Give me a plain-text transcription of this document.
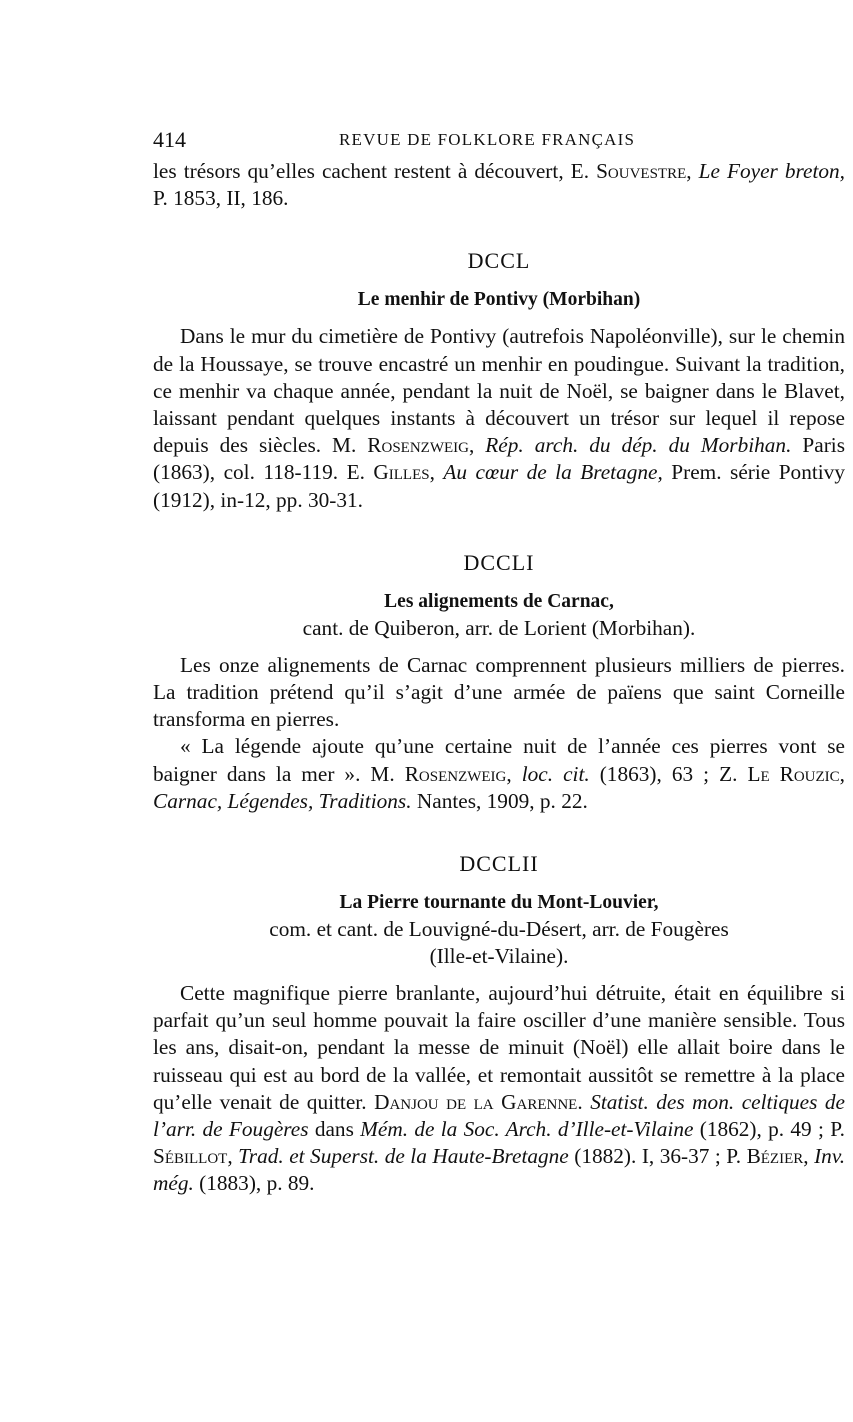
414	REVUE DE FOLKLORE FRANÇAIS

les trésors qu’elles cachent restent à découvert, E. Souvestre, Le Foyer breton, P. 1853, II, 186.

DCCL
Le menhir de Pontivy (Morbihan)

Dans le mur du cimetière de Pontivy (autrefois Napoléonville), sur le chemin de la Houssaye, se trouve encastré un menhir en poudingue. Suivant la tradition, ce menhir va chaque année, pendant la nuit de Noël, se baigner dans le Blavet, laissant pendant quelques instants à découvert un trésor sur lequel il repose depuis des siècles. M. Rosenzweig, Rép. arch. du dép. du Morbihan. Paris (1863), col. 118-119. E. Gilles, Au cœur de la Bretagne, Prem. série Pontivy (1912), in-12, pp. 30-31.

DCCLI
Les alignements de Carnac,
cant. de Quiberon, arr. de Lorient (Morbihan).

Les onze alignements de Carnac comprennent plusieurs milliers de pierres. La tradition prétend qu’il s’agit d’une armée de païens que saint Corneille transforma en pierres.

« La légende ajoute qu’une certaine nuit de l’année ces pierres vont se baigner dans la mer ». M. Rosenzweig, loc. cit. (1863), 63 ; Z. Le Rouzic, Carnac, Légendes, Traditions. Nantes, 1909, p. 22.

DCCLII
La Pierre tournante du Mont-Louvier,
com. et cant. de Louvigné-du-Désert, arr. de Fougères
(Ille-et-Vilaine).

Cette magnifique pierre branlante, aujourd’hui détruite, était en équilibre si parfait qu’un seul homme pouvait la faire osciller d’une manière sensible. Tous les ans, disait-on, pendant la messe de minuit (Noël) elle allait boire dans le ruisseau qui est au bord de la vallée, et remontait aussitôt se remettre à la place qu’elle venait de quitter. Danjou de la Garenne. Statist. des mon. celtiques de l’arr. de Fougères dans Mém. de la Soc. Arch. d’Ille-et-Vilaine (1862), p. 49 ; P. Sébillot, Trad. et Superst. de la Haute-Bretagne (1882). I, 36-37 ; P. Bézier, Inv. még. (1883), p. 89.
